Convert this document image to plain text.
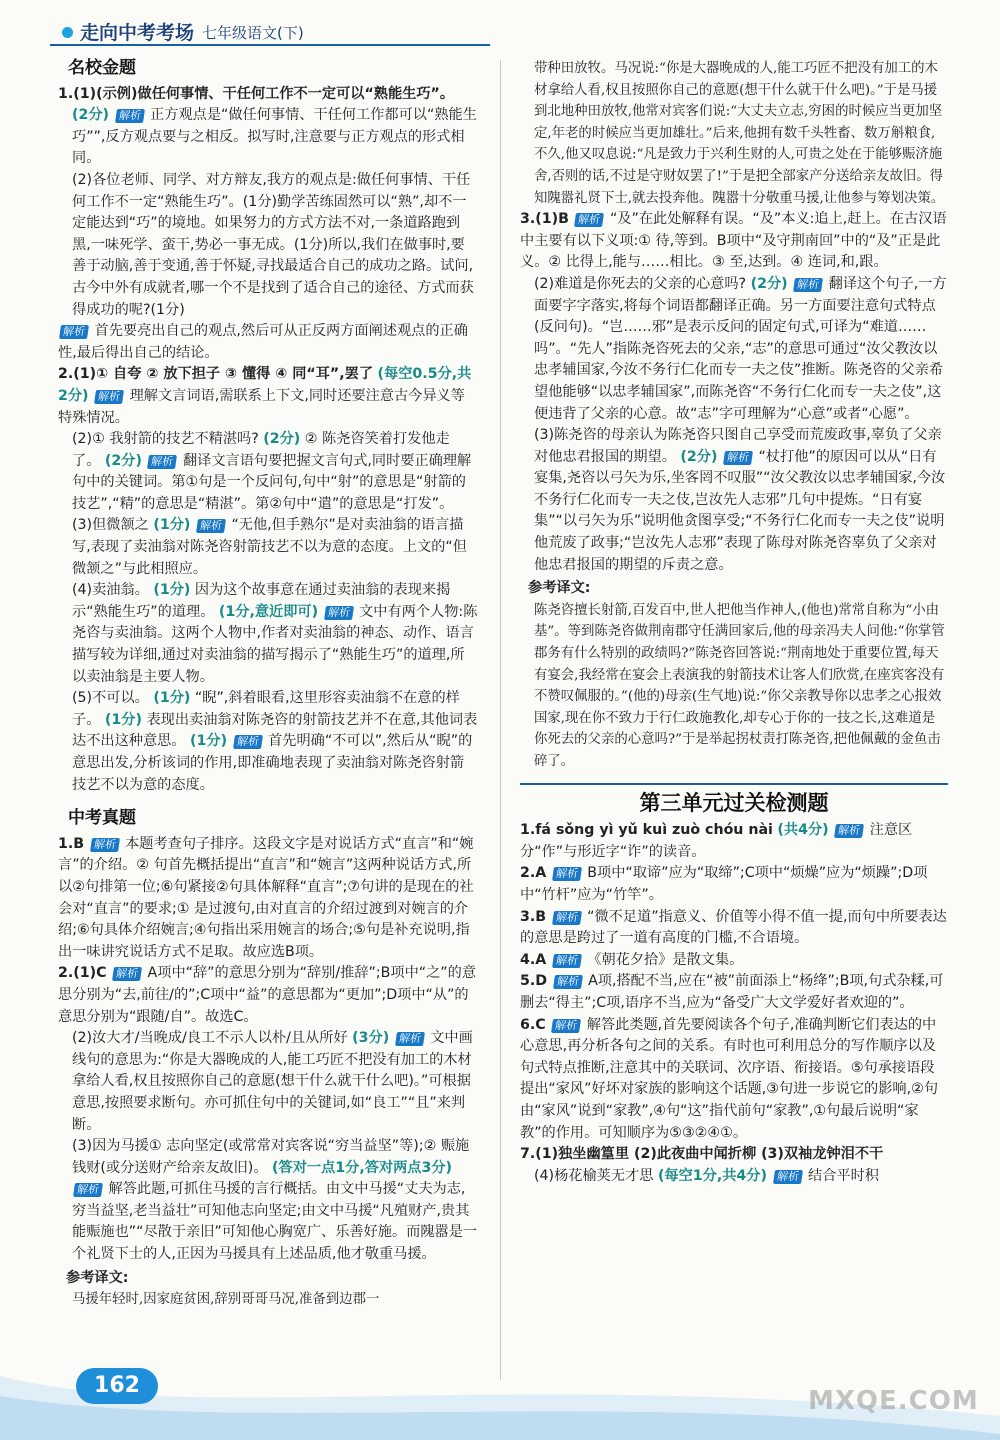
走向中考考场 七年级语文(下)
名校金题

1.(1)(示例)做任何事情、干任何工作不一定可以“熟能生巧”。

(2分) 解析 正方观点是“做任何事情、干任何工作都可以“熟能生巧””,反方观点要与之相反。拟写时,注意要与正方观点的形式相同。

(2)各位老师、同学、对方辩友,我方的观点是:做任何事情、干任何工作不一定“熟能生巧”。(1分)勤学苦练固然可以“熟”,却不一定能达到“巧”的境地。如果努力的方式方法不对,一条道路跑到黑,一味死学、蛮干,势必一事无成。(1分)所以,我们在做事时,要善于动脑,善于变通,善于怀疑,寻找最适合自己的成功之路。试问,古今中外有成就者,哪一个不是找到了适合自己的途径、方式而获得成功的呢?(1分)

解析 首先要亮出自己的观点,然后可从正反两方面阐述观点的正确性,最后得出自己的结论。

2.(1)① 自夸 ② 放下担子 ③ 懂得 ④ 同“耳”,罢了 (每空0.5分,共2分) 解析 理解文言词语,需联系上下文,同时还要注意古今异义等特殊情况。

(2)① 我射箭的技艺不精湛吗? (2分) ② 陈尧咨笑着打发他走了。 (2分) 解析 翻译文言语句要把握文言句式,同时要正确理解句中的关键词。第①句是一个反问句,句中“射”的意思是“射箭的技艺”,“精”的意思是“精湛”。第②句中“遣”的意思是“打发”。

(3)但微颔之 (1分) 解析 “无他,但手熟尔”是对卖油翁的语言描写,表现了卖油翁对陈尧咨射箭技艺不以为意的态度。上文的“但微颔之”与此相照应。

(4)卖油翁。 (1分) 因为这个故事意在通过卖油翁的表现来揭示“熟能生巧”的道理。 (1分,意近即可) 解析 文中有两个人物:陈尧咨与卖油翁。这两个人物中,作者对卖油翁的神态、动作、语言描写较为详细,通过对卖油翁的描写揭示了“熟能生巧”的道理,所以卖油翁是主要人物。

(5)不可以。 (1分) “睨”,斜着眼看,这里形容卖油翁不在意的样子。 (1分) 表现出卖油翁对陈尧咨的射箭技艺并不在意,其他词表达不出这种意思。 (1分) 解析 首先明确“不可以”,然后从“睨”的意思出发,分析该词的作用,即准确地表现了卖油翁对陈尧咨射箭技艺不以为意的态度。

中考真题

1.B 解析 本题考查句子排序。这段文字是对说话方式“直言”和“婉言”的介绍。② 句首先概括提出“直言”和“婉言”这两种说话方式,所以②句排第一位;⑥句紧接②句具体解释“直言”;⑦句讲的是现在的社会对“直言”的要求;① 是过渡句,由对直言的介绍过渡到对婉言的介绍;⑥句具体介绍婉言;④句指出采用婉言的场合;⑤句是补充说明,指出一味讲究说话方式不足取。故应选B项。

2.(1)C 解析 A项中“辞”的意思分别为“辞别/推辞”;B项中“之”的意思分别为“去,前往/的”;C项中“益”的意思都为“更加”;D项中“从”的意思分别为“跟随/自”。故选C。

(2)汝大才/当晚成/良工不示人以朴/且从所好 (3分) 解析 文中画线句的意思为:“你是大器晚成的人,能工巧匠不把没有加工的木材拿给人看,权且按照你自己的意愿(想干什么就干什么吧)。”可根据意思,按照要求断句。亦可抓住句中的关键词,如“良工”“且”来判断。

(3)因为马援① 志向坚定(或常常对宾客说“穷当益坚”等);② 赈施钱财(或分送财产给亲友故旧)。 (答对一点1分,答对两点3分) 解析 解答此题,可抓住马援的言行概括。由文中马援“丈夫为志,穷当益坚,老当益壮”可知他志向坚定;由文中马援“凡殖财产,贵其能赈施也”“尽散于亲旧”可知他心胸宽广、乐善好施。而隗嚣是一个礼贤下士的人,正因为马援具有上述品质,他才敬重马援。

参考译文:

马援年轻时,因家庭贫困,辞别哥哥马况,准备到边郡一

带种田放牧。马况说:“你是大器晚成的人,能工巧匠不把没有加工的木材拿给人看,权且按照你自己的意愿(想干什么就干什么吧)。”于是马援到北地种田放牧,他常对宾客们说:“大丈夫立志,穷困的时候应当更加坚定,年老的时候应当更加雄壮。”后来,他拥有数千头牲畜、数万斛粮食,不久,他又叹息说:“凡是致力于兴利生财的人,可贵之处在于能够赈济施舍,否则的话,不过是守财奴罢了!”于是把全部家产分送给亲友故旧。得知隗嚣礼贤下士,就去投奔他。隗嚣十分敬重马援,让他参与筹划决策。

3.(1)B 解析 “及”在此处解释有误。“及”本义:追上,赶上。在古汉语中主要有以下义项:① 待,等到。B项中“及守荆南回”中的“及”正是此义。② 比得上,能与……相比。③ 至,达到。④ 连词,和,跟。

(2)难道是你死去的父亲的心意吗? (2分) 解析 翻译这个句子,一方面要字字落实,将每个词语都翻译正确。另一方面要注意句式特点(反问句)。“岂……邪”是表示反问的固定句式,可译为“难道……吗”。“先人”指陈尧咨死去的父亲,“志”的意思可通过“汝父教汝以忠孝辅国家,今汝不务行仁化而专一夫之伎”推断。陈尧咨的父亲希望他能够“以忠孝辅国家”,而陈尧咨“不务行仁化而专一夫之伎”,这便违背了父亲的心意。故“志”字可理解为“心意”或者“心愿”。

(3)陈尧咨的母亲认为陈尧咨只图自己享受而荒废政事,辜负了父亲对他忠君报国的期望。 (2分) 解析 “杖打他”的原因可以从“日有宴集,尧咨以弓矢为乐,坐客罔不叹服”“汝父教汝以忠孝辅国家,今汝不务行仁化而专一夫之伎,岂汝先人志邪”几句中提炼。“日有宴集”“以弓矢为乐”说明他贪图享受;“不务行仁化而专一夫之伎”说明他荒废了政事;“岂汝先人志邪”表现了陈母对陈尧咨辜负了父亲对他忠君报国的期望的斥责之意。

参考译文:

陈尧咨擅长射箭,百发百中,世人把他当作神人,(他也)常常自称为“小由基”。等到陈尧咨做荆南郡守任满回家后,他的母亲冯夫人问他:“你掌管郡务有什么特别的政绩吗?”陈尧咨回答说:“荆南地处于重要位置,每天有宴会,我经常在宴会上表演我的射箭技术让客人们欣赏,在座宾客没有不赞叹佩服的。”(他的)母亲(生气地)说:“你父亲教导你以忠孝之心报效国家,现在你不致力于行仁政施教化,却专心于你的一技之长,这难道是你死去的父亲的心意吗?”于是举起拐杖责打陈尧咨,把他佩戴的金鱼击碎了。

第三单元过关检测题

1.fá sǒng yì yǔ kuì zuò chóu nài (共4分) 解析 注意区分“作”与形近字“诈”的读音。

2.A 解析 B项中“取谛”应为“取缔”;C项中“烦燥”应为“烦躁”;D项中“竹杆”应为“竹竿”。

3.B 解析 “微不足道”指意义、价值等小得不值一提,而句中所要表达的意思是跨过了一道有高度的门槛,不合语境。

4.A 解析 《朝花夕拾》是散文集。

5.D 解析 A项,搭配不当,应在“被”前面添上“杨绛”;B项,句式杂糅,可删去“得主”;C项,语序不当,应为“备受广大文学爱好者欢迎的”。

6.C 解析 解答此类题,首先要阅读各个句子,准确判断它们表达的中心意思,再分析各句之间的关系。有时也可利用总分的写作顺序以及句式特点推断,注意其中的关联词、次序语、衔接语。⑤句承接语段提出“家风”好坏对家族的影响这个话题,③句进一步说它的影响,②句由“家风”说到“家教”,④句“这”指代前句“家教”,①句最后说明“家教”的作用。可知顺序为⑤③②④①。

7.(1)独坐幽篁里 (2)此夜曲中闻折柳 (3)双袖龙钟泪不干

(4)杨花榆荚无才思 (每空1分,共4分) 解析 结合平时积

162
MXQE.COM
